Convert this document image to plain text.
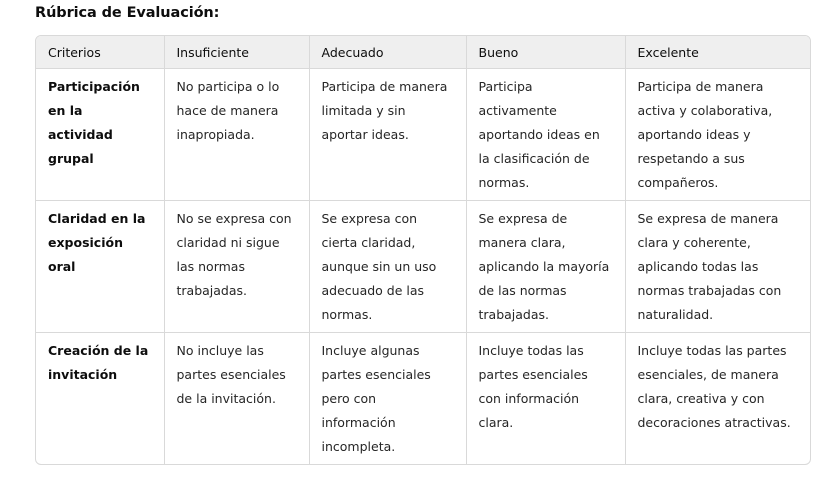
Rúbrica de Evaluación:
Criterios	Insuficiente	Adecuado	Bueno	Excelente
Participación en la actividad grupal	No participa o lo hace de manera inapropiada.	Participa de manera limitada y sin aportar ideas.	Participa activamente aportando ideas en la clasificación de normas.	Participa de manera activa y colaborativa, aportando ideas y respetando a sus compañeros.
Claridad en la exposición oral	No se expresa con claridad ni sigue las normas trabajadas.	Se expresa con cierta claridad, aunque sin un uso adecuado de las normas.	Se expresa de manera clara, aplicando la mayoría de las normas trabajadas.	Se expresa de manera clara y coherente, aplicando todas las normas trabajadas con naturalidad.
Creación de la invitación	No incluye las partes esenciales de la invitación.	Incluye algunas partes esenciales pero con información incompleta.	Incluye todas las partes esenciales con información clara.	Incluye todas las partes esenciales, de manera clara, creativa y con decoraciones atractivas.
